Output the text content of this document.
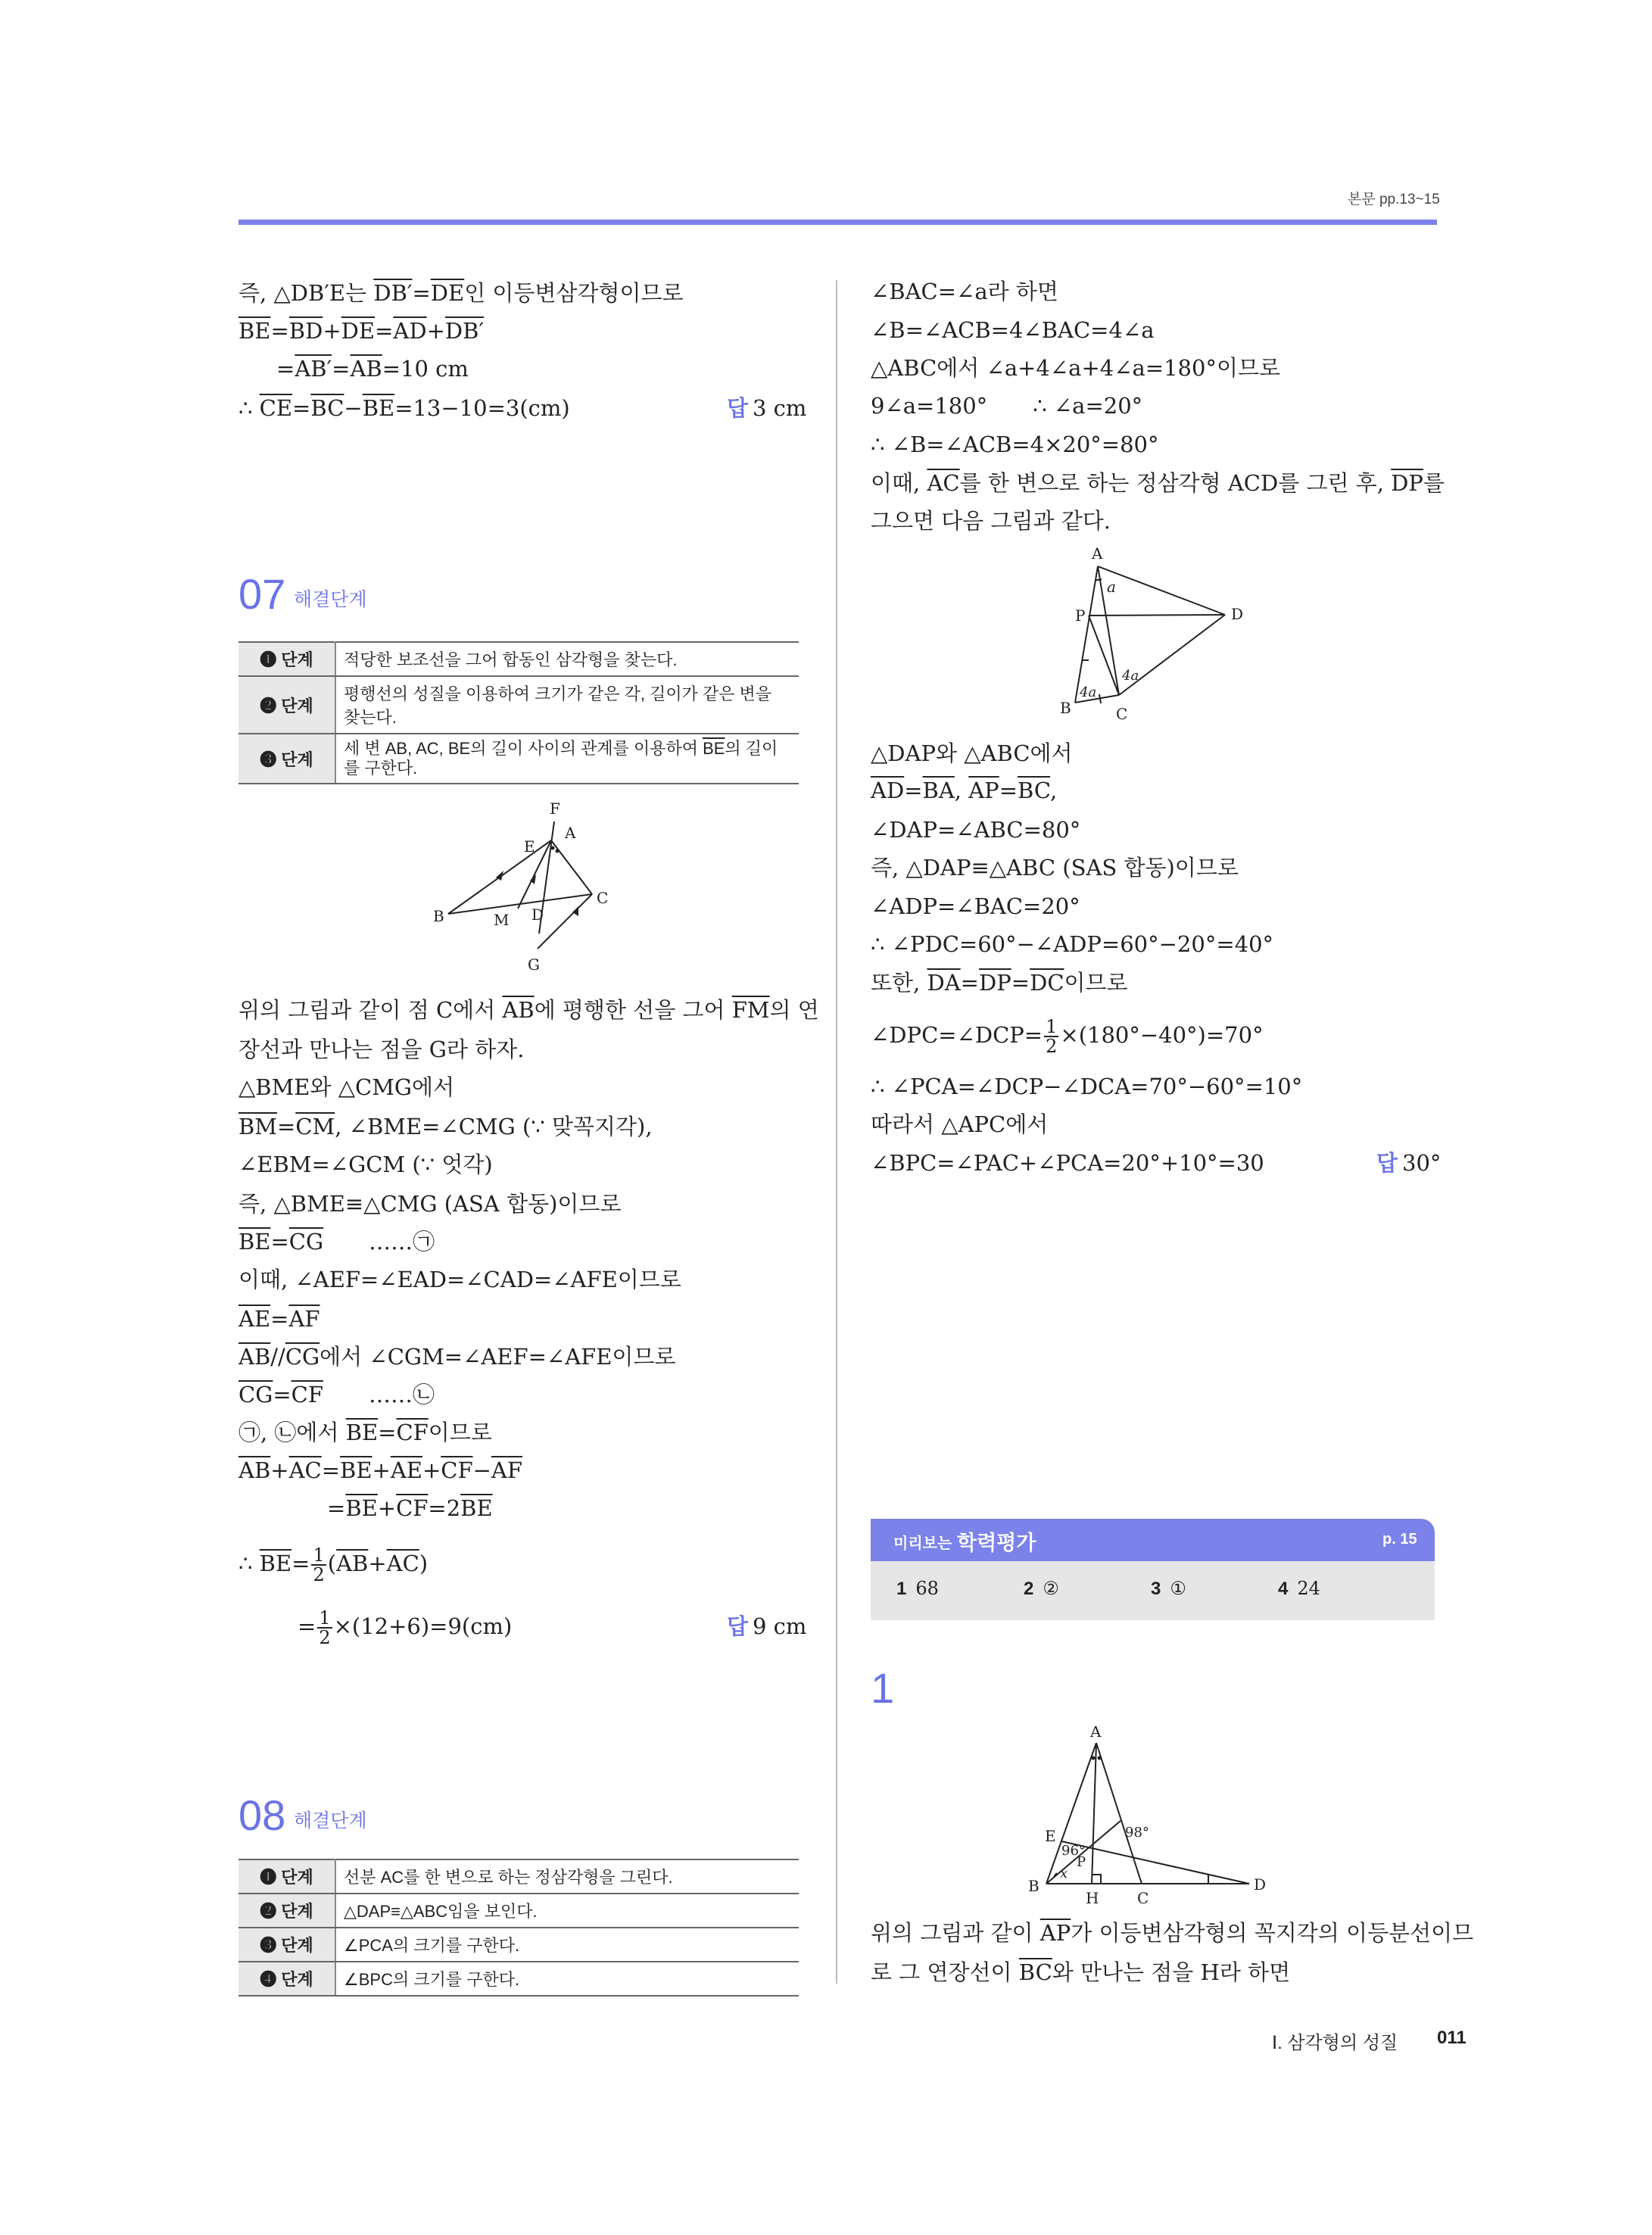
본문 pp.13~15
즉, △DB′E는 $DB'=\overline{DE}$인 이등변삼각형이므로
$\overline{BE}=\overline{BD}+\overline{DE}=\overline{AD}+DB'$
$=AB'=\overline{AB}=10$ cm
∴ $\overline{CE}=\overline{BC}-\overline{BE}=13-10=3(cm)$	답 3 cm
07 해결단계
❶ 단계	적당한 보조선을 그어 합동인 삼각형을 찾는다.
❷ 단계	평행선의 성질을 이용하여 크기가 같은 각, 길이가 같은 변을 찾는다.
❸ 단계	세 변 AB, AC, BE의 길이 사이의 관계를 이용하여 $\overline{BE}$의 길이
를 구한다.
F
A
E
B	M D
C
G
위의 그림과 같이 점 C에서 $\overline{AB}$에 평행한 선을 그어 $\overline{FM}$의 연
장선과 만나는 점을 G라 하자.
△BME와 △CMG에서
$\overline{BM}=\overline{CM}$, ∠BME=∠CMG (∵ 맞꼭지각),
∠EBM=∠GCM (∵ 엇각)
즉, △BME≡△CMG (ASA 합동)이므로
$\overline{BE}=\overline{CG}$ ……㉠
이때, ∠AEF=∠EAD=∠CAD=∠AFE이므로
$\overline{AE}=\overline{AF}$
$\overline{AB}//\overline{CG}$에서 ∠CGM=∠AEF=∠AFE이므로
$\overline{CG}=\overline{CF}$ ……㉡
㉠, ㉡에서 $\overline{BE}=\overline{CF}$이므로
$\overline{AB}+\overline{AC}=\overline{BE}+\overline{AE}+\overline{CF}-\overline{AF}$
$=\overline{BE}+\overline{CF}=2\overline{BE}$
∴ $\overline{BE}= \frac{1}{2} (\overline{AB}+\overline{AC})$
= $\frac{1}{2} \times(12+6)=9(cm)$	답 9 cm
08 해결단계
❶ 단계	선분 AC를 한 변으로 하는 정삼각형을 그린다.
❷ 단계	△DAP≡△ABC임을 보인다.
❸ 단계	∠PCA의 크기를 구한다.
❹ 단계	∠BPC의 크기를 구한다.
∠BAC=∠a라 하면
∠B=∠ACB=4∠BAC=4∠a
△ABC에서 ∠a+4∠a+4∠a=180°이므로
9∠a=180° ∴ ∠a=20°
∴ ∠B=∠ACB=4×20°=80°
이때, $\overline{AC}$를 한 변으로 하는 정삼각형 ACD를 그린 후, $\overline{DP}$를
그으면 다음 그림과 같다.
A
P	D
B	C
a
4a
4a
△DAP와 △ABC에서
$\overline{AD}=\overline{BA}$, $\overline{AP}=\overline{BC}$,
∠DAP=∠ABC=80°
즉, △DAP≡△ABC (SAS 합동)이므로
∠ADP=∠BAC=20°
∴ ∠PDC=60°−∠ADP=60°−20°=40°
또한, $\overline{DA}=\overline{DP}=\overline{DC}$이므로
∠DPC=∠DCP= $\frac{1}{2} \times(180^\circ-40^\circ)=70^\circ$
∴ ∠PCA=∠DCP−∠DCA=70°−60°=10°
따라서 △APC에서
∠BPC=∠PAC+∠PCA=20°+10°=30	답 30°
미리보는 학력평가	p. 15
1 68	2 ②	3 ①	4 24
1
A
E
B
P
H	C
D
98°
96°
x
위의 그림과 같이 $\overline{AP}$가 이등변삼각형의 꼭지각의 이등분선이므
로 그 연장선이 $\overline{BC}$와 만나는 점을 H라 하면
Ⅰ. 삼각형의 성질 011
